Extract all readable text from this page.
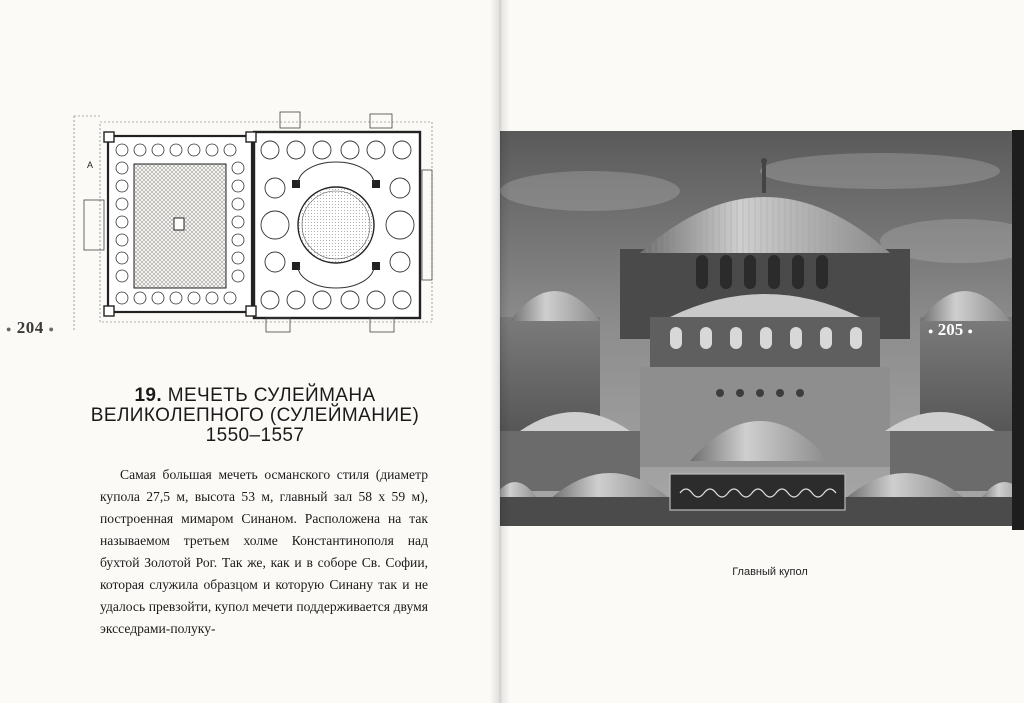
A
● 204 ●
19. МЕЧЕТЬ СУЛЕЙМАНА
ВЕЛИКОЛЕПНОГО (СУЛЕЙМАНИЕ)
1550–1557

Самая большая мечеть османского стиля (диаметр купола 27,5 м, высота 53 м, главный зал 58 х 59 м), построенная мимаром Синаном. Расположена на так называемом третьем холме Константинополя над бухтой Золотой Рог. Так же, как и в соборе Св. Софии, которая служила образцом и которую Синану так и не удалось превзойти, купол мечети поддерживается двумя эксседрами-полуку-

● 205 ●
Главный купол
